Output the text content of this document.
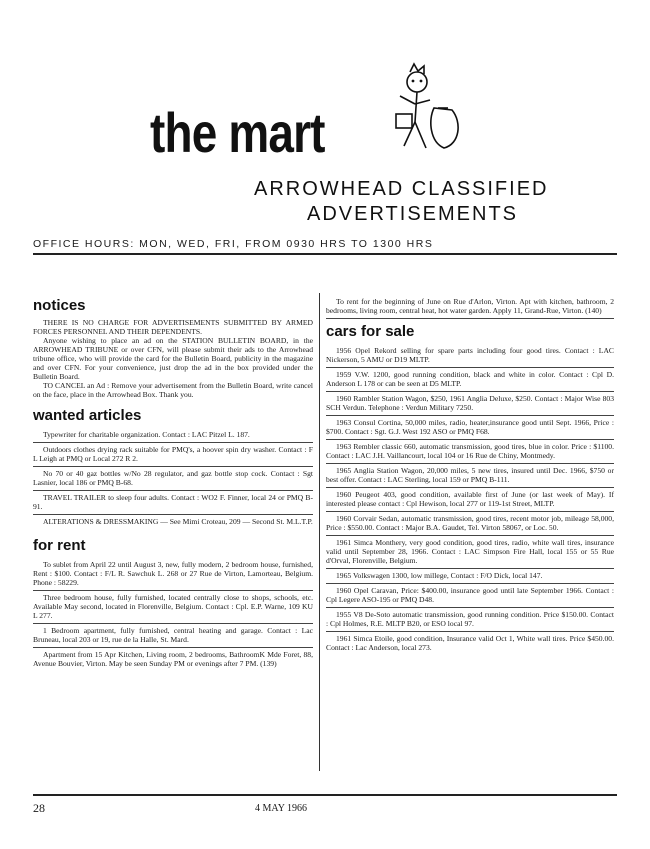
the mart
ARROWHEAD CLASSIFIED
ADVERTISEMENTS
OFFICE HOURS: MON, WED, FRI, FROM 0930 HRS TO 1300 HRS
notices

THERE IS NO CHARGE FOR ADVERTISEMENTS SUBMITTED BY ARMED FORCES PERSONNEL AND THEIR DEPENDENTS.

Anyone wishing to place an ad on the STATION BULLETIN BOARD, in the ARROWHEAD TRIBUNE or over CFN, will please submit their ads to the Arrowhead tribune office, who will provide the card for the Bulletin Board, publicity in the magazine and over CFN. For your convenience, just drop the ad in the box provided under the Bulletin Board.

TO CANCEL an Ad : Remove your advertisement from the Bulletin Board, write cancel on the face, place in the Arrowhead Box. Thank you.

wanted articles

Typewriter for charitable organization. Contact : LAC Pitzel L. 187.

Outdoors clothes drying rack suitable for PMQ's, a hoover spin dry washer. Contact : F L Leigh at PMQ or Local 272 R 2.

No 70 or 40 gaz bottles w/No 28 regulator, and gaz bottle stop cock. Contact : Sgt Lasnier, local 186 or PMQ B-68.

TRAVEL TRAILER to sleep four adults. Contact : WO2 F. Finner, local 24 or PMQ B-91.

ALTERATIONS & DRESSMAKING — See Mimi Croteau, 209 — Second St. M.L.T.P.

for rent

To sublet from April 22 until August 3, new, fully modern, 2 bedroom house, furnished, Rent : $100. Contact : F/L R. Sawchuk L. 268 or 27 Rue de Virton, Lamorteau, Belgium. Phone : 58229.

Three bedroom house, fully furnished, located centrally close to shops, schools, etc. Available May second, located in Florenville, Belgium. Contact : Cpl. E.P. Warne, 109 KU L 277.

1 Bedroom apartment, fully furnished, central heating and garage. Contact : Lac Bruneau, local 203 or 19, rue de la Halle, St. Mard.

Apartment from 15 Apr Kitchen, Living room, 2 bedrooms, BathroomK Mde Foret, 88, Avenue Bouvier, Virton. May be seen Sunday PM or evenings after 7 PM. (139)

To rent for the beginning of June on Rue d'Arlon, Virton. Apt with kitchen, bathroom, 2 bedrooms, living room, central heat, hot water garden. Apply 11, Grand-Rue, Virton. (140)

cars for sale

1956 Opel Rekord selling for spare parts including four good tires. Contact : LAC Nickerson, 5 AMU or D19 MLTP.

1959 V.W. 1200, good running condition, black and white in color. Contact : Cpl D. Anderson L 178 or can be seen at D5 MLTP.

1960 Rambler Station Wagon, $250, 1961 Anglia Deluxe, $250. Contact : Major Wise 803 SCH Verdun. Telephone : Verdun Military 7250.

1963 Consul Cortina, 50,000 miles, radio, heater,insurance good until Sept. 1966, Price : $700. Contact : Sgt. G.J. West 192 ASO or PMQ F68.

1963 Rembler classic 660, automatic transmission, good tires, blue in color. Price : $1100. Contact : LAC J.H. Vaillancourt, local 104 or 16 Rue de Chiny, Montmedy.

1965 Anglia Station Wagon, 20,000 miles, 5 new tires, insured until Dec. 1966, $750 or best offer. Contact : LAC Sterling, local 159 or PMQ B-111.

1960 Peugeot 403, good condition, available first of June (or last week of May). If interested please contact : Cpl Hewison, local 277 or 119-1st Street, MLTP.

1960 Corvair Sedan, automatic transmission, good tires, recent motor job, mileage 58,000, Price : $550.00. Contact : Major B.A. Gaudet, Tel. Virton 58067, or Loc. 50.

1961 Simca Monthery, very good condition, good tires, radio, white wall tires, insurance valid until September 28, 1966. Contact : LAC Simpson Fire Hall, local 155 or 55 Rue d'Orval, Florenville, Belgium.

1965 Volkswagen 1300, low millege, Contact : F/O Dick, local 147.

1960 Opel Caravan, Price: $400.00, insurance good until late September 1966. Contact : Cpl Legere ASO-195 or PMQ D48.

1955 V8 De-Soto automatic transmission, good running condition. Price $150.00. Contact : Cpl Holmes, R.E. MLTP B20, or ESO local 97.

1961 Simca Etoile, good condition, Insurance valid Oct 1, White wall tires. Price $450.00. Contact : Lac Anderson, local 273.

28	4 MAY 1966
